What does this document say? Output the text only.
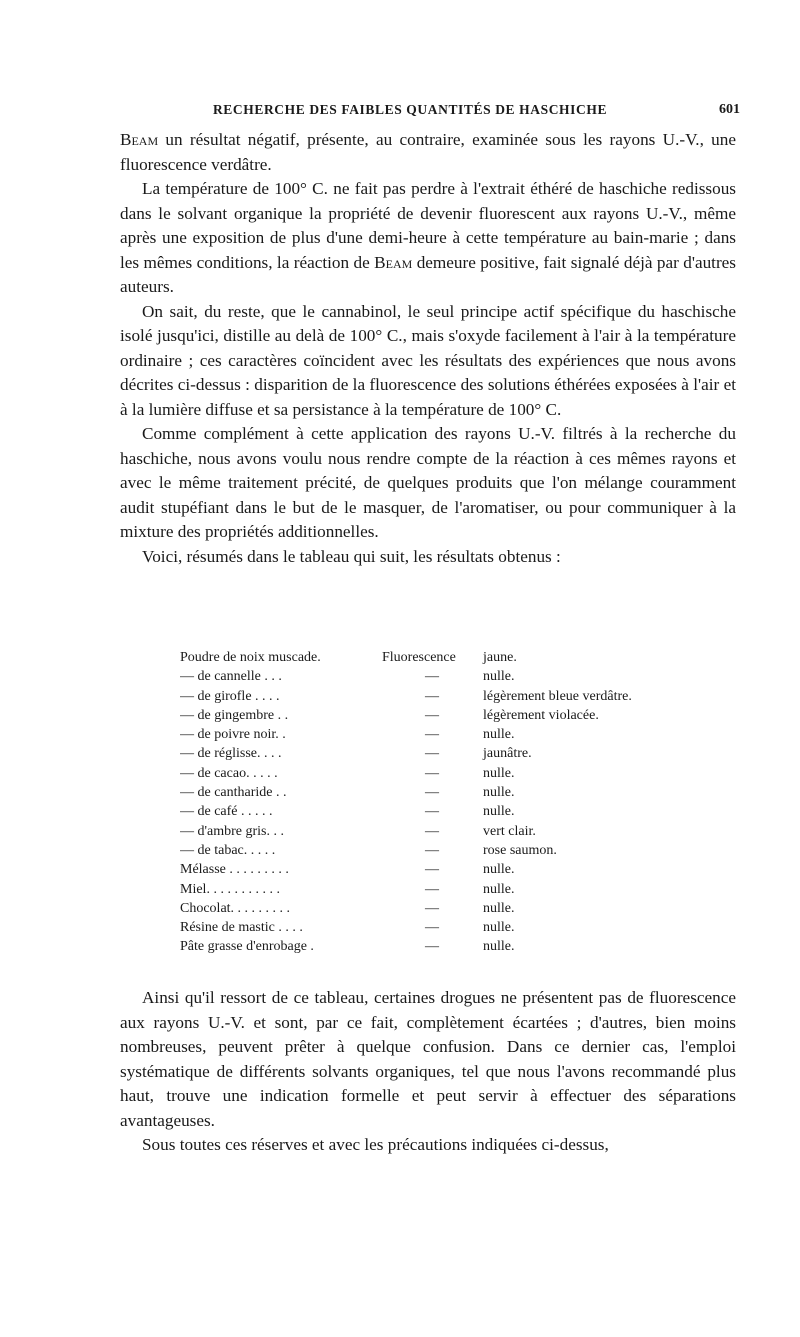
RECHERCHE DES FAIBLES QUANTITÉS DE HASCHICHE	601

Beam un résultat négatif, présente, au contraire, examinée sous les rayons U.-V., une fluorescence verdâtre.

La température de 100° C. ne fait pas perdre à l'extrait éthéré de haschiche redissous dans le solvant organique la propriété de devenir fluorescent aux rayons U.-V., même après une exposition de plus d'une demi-heure à cette température au bain-marie ; dans les mêmes conditions, la réaction de Beam demeure positive, fait signalé déjà par d'autres auteurs.

On sait, du reste, que le cannabinol, le seul principe actif spécifique du haschische isolé jusqu'ici, distille au delà de 100° C., mais s'oxyde facilement à l'air à la température ordinaire ; ces caractères coïncident avec les résultats des expériences que nous avons décrites ci-dessus : disparition de la fluorescence des solutions éthérées exposées à l'air et à la lumière diffuse et sa persistance à la température de 100° C.

Comme complément à cette application des rayons U.-V. filtrés à la recherche du haschiche, nous avons voulu nous rendre compte de la réaction à ces mêmes rayons et avec le même traitement précité, de quelques produits que l'on mélange couramment audit stupéfiant dans le but de le masquer, de l'aromatiser, ou pour communiquer à la mixture des propriétés additionnelles.

Voici, résumés dans le tableau qui suit, les résultats obtenus :

Poudre de noix muscade.	Fluorescence jaune.
— de cannelle . . .	—	nulle.
— de girofle . . . .	—	légèrement bleue verdâtre.
— de gingembre . .	—	légèrement violacée.
— de poivre noir. .	—	nulle.
— de réglisse. . . .	—	jaunâtre.
— de cacao. . . . .	—	nulle.
— de cantharide . .	—	nulle.
— de café . . . . .	—	nulle.
— d'ambre gris. . .	—	vert clair.
— de tabac. . . . .	—	rose saumon.
Mélasse . . . . . . . . .	—	nulle.
Miel. . . . . . . . . . .	—	nulle.
Chocolat. . . . . . . . .	—	nulle.
Résine de mastic . . . .	—	nulle.
Pâte grasse d'enrobage .	—	nulle.

Ainsi qu'il ressort de ce tableau, certaines drogues ne présentent pas de fluorescence aux rayons U.-V. et sont, par ce fait, complètement écartées ; d'autres, bien moins nombreuses, peuvent prêter à quelque confusion. Dans ce dernier cas, l'emploi systématique de différents solvants organiques, tel que nous l'avons recommandé plus haut, trouve une indication formelle et peut servir à effectuer des séparations avantageuses.

Sous toutes ces réserves et avec les précautions indiquées ci-dessus,
